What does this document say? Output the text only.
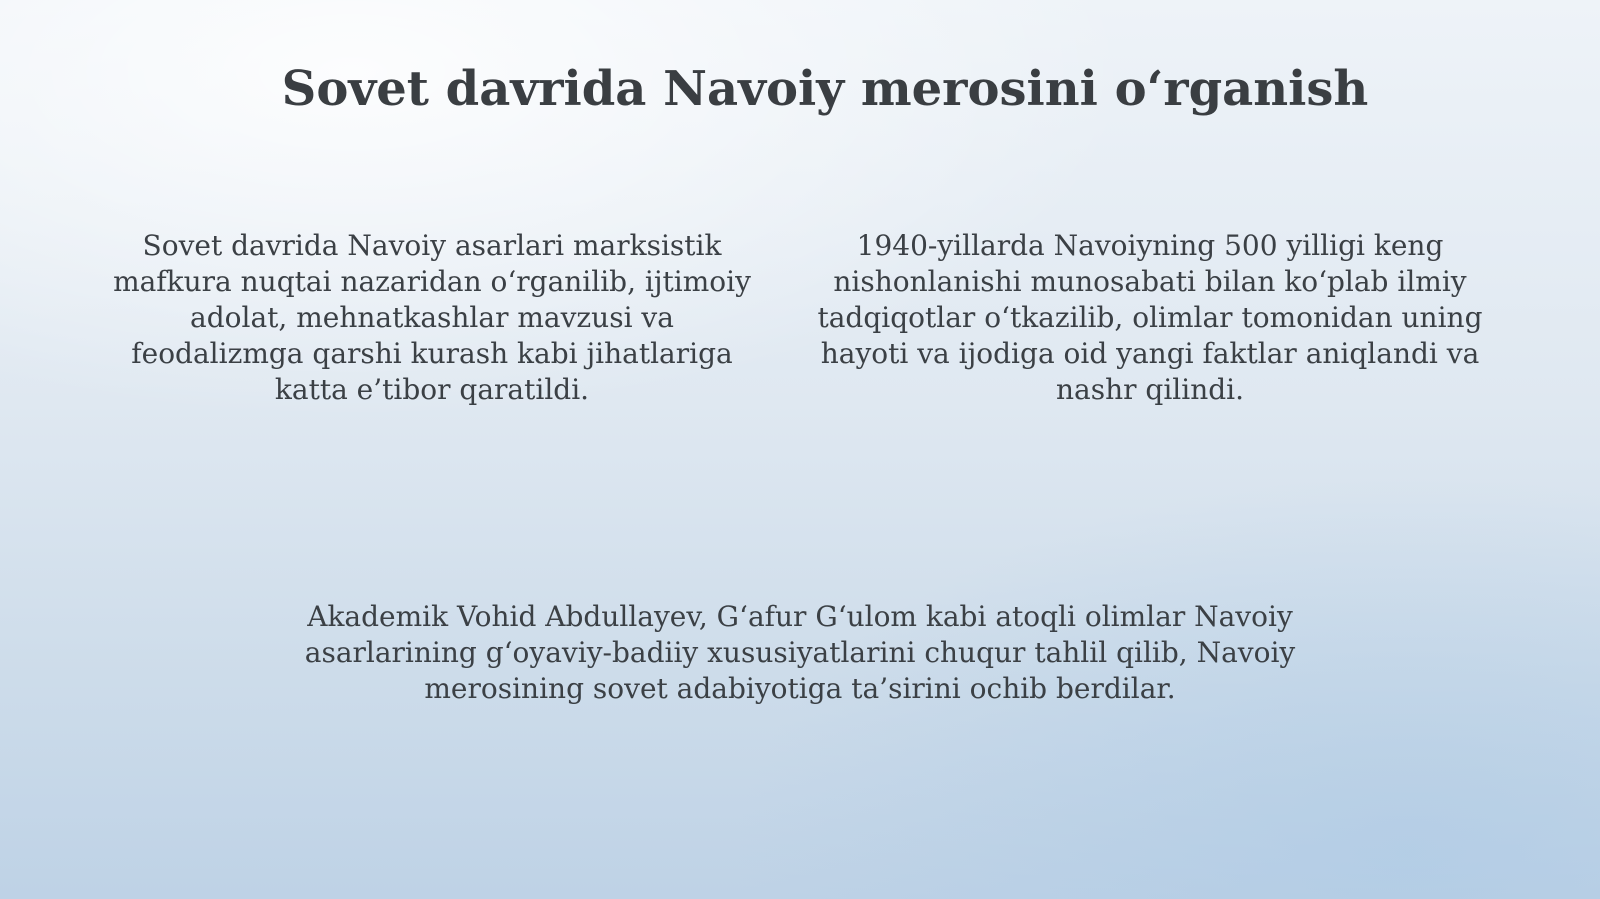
Sovet davrida Navoiy merosini o‘rganish

Sovet davrida Navoiy asarlari marksistik mafkura nuqtai nazaridan o‘rganilib, ijtimoiy adolat, mehnatkashlar mavzusi va feodalizmga qarshi kurash kabi jihatlariga katta e’tibor qaratildi.

1940-yillarda Navoiyning 500 yilligi keng nishonlanishi munosabati bilan ko‘plab ilmiy tadqiqotlar o‘tkazilib, olimlar tomonidan uning hayoti va ijodiga oid yangi faktlar aniqlandi va nashr qilindi.

Akademik Vohid Abdullayev, G‘afur G‘ulom kabi atoqli olimlar Navoiy asarlarining g‘oyaviy-badiiy xususiyatlarini chuqur tahlil qilib, Navoiy merosining sovet adabiyotiga ta’sirini ochib berdilar.
